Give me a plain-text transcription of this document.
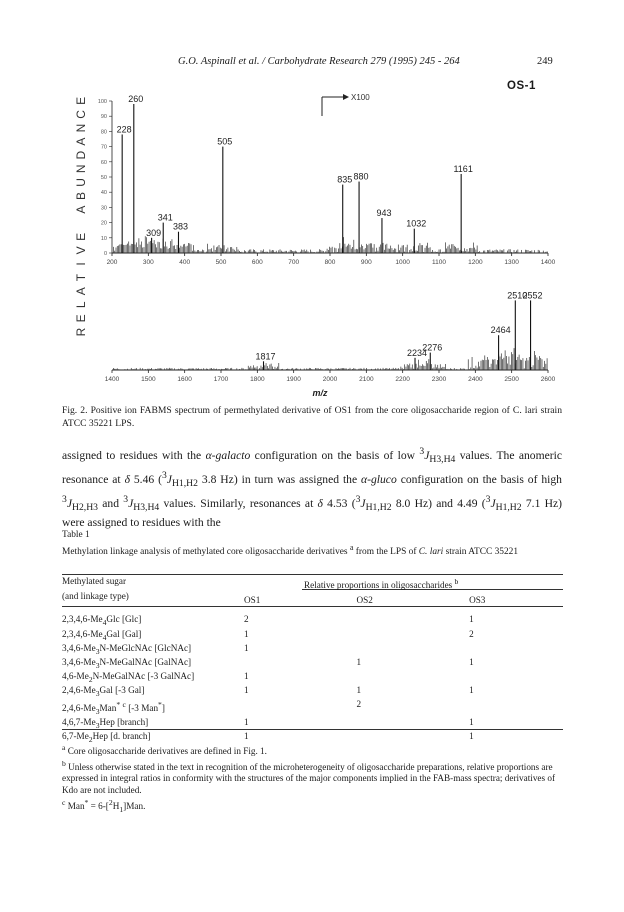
G.O. Aspinall et al. / Carbohydrate Research 279 (1995) 245 - 264	249
OS-1
R
E
L
A
T
I
V
E
A
B
U
N
D
A
N
C
E
200	300	400	500	600	700	800	900	1000	1100	1200	1300	1400
0
10
20
30
40
50
60
70
80
90
100
228
260
309
341
383
505
835 880
943
1032
1161
1400	1500	1600	1700	1800	1900	2000	2100	2200	2300	2400	2500	2600
1817	2234
2276
2464
2510
2552
X100
m/z
Fig. 2. Positive ion FABMS spectrum of permethylated derivative of OS1 from the core oligosaccharide region of C. lari strain ATCC 35221 LPS.
assigned to residues with the α-galacto configuration on the basis of low $^3J_{H3,H4}$ values. The anomeric resonance at δ 5.46 ($^3J_{H1,H2}$ 3.8 Hz) in turn was assigned the α-gluco configuration on the basis of high $^3J_{H2,H3}$ and $^3J_{H3,H4}$ values. Similarly, resonances at δ 4.53 ($^3J_{H1,H2}$ 8.0 Hz) and 4.49 ($^3J_{H1,H2}$ 7.1 Hz) were assigned to residues with the
Table 1
Methylation linkage analysis of methylated core oligosaccharide derivatives $^a$ from the LPS of C. lari strain ATCC 35221
Methylated sugar	Relative proportions in oligosaccharides $^b$
(and linkage type)	OS1	OS2	OS3

$2,3,4,6-Me_4Glc$ [Glc]	2		1
$2,3,4,6-Me_4Gal$ [Gal]	1		2
$3,4,6-Me_3N$-MeGlcNAc [GlcNAc]	1		
$3,4,6-Me_3N$-MeGalNAc [GalNAc]		1	1
$4,6-Me_2N$-MeGalNAc [-3 GalNAc]	1		
$2,4,6-Me_3Gal$ [-3 Gal]	1	1	1
$2,4,6-Me_3Man^*$ $^c$ [-3 Man*]		2	
$4,6,7-Me_3Hep$ [branch]	1		1
$6,7-Me_2Hep$ [d. branch]	1		1

$^a$ Core oligosaccharide derivatives are defined in Fig. 1.

$^b$ Unless otherwise stated in the text in recognition of the microheterogeneity of oligosaccharide preparations, relative proportions are expressed in integral ratios in conformity with the structures of the major components implied in the FAB-mass spectra; derivatives of Kdo are not included.

$^c$ $Man^* = 6-[^2H_1]Man$.
